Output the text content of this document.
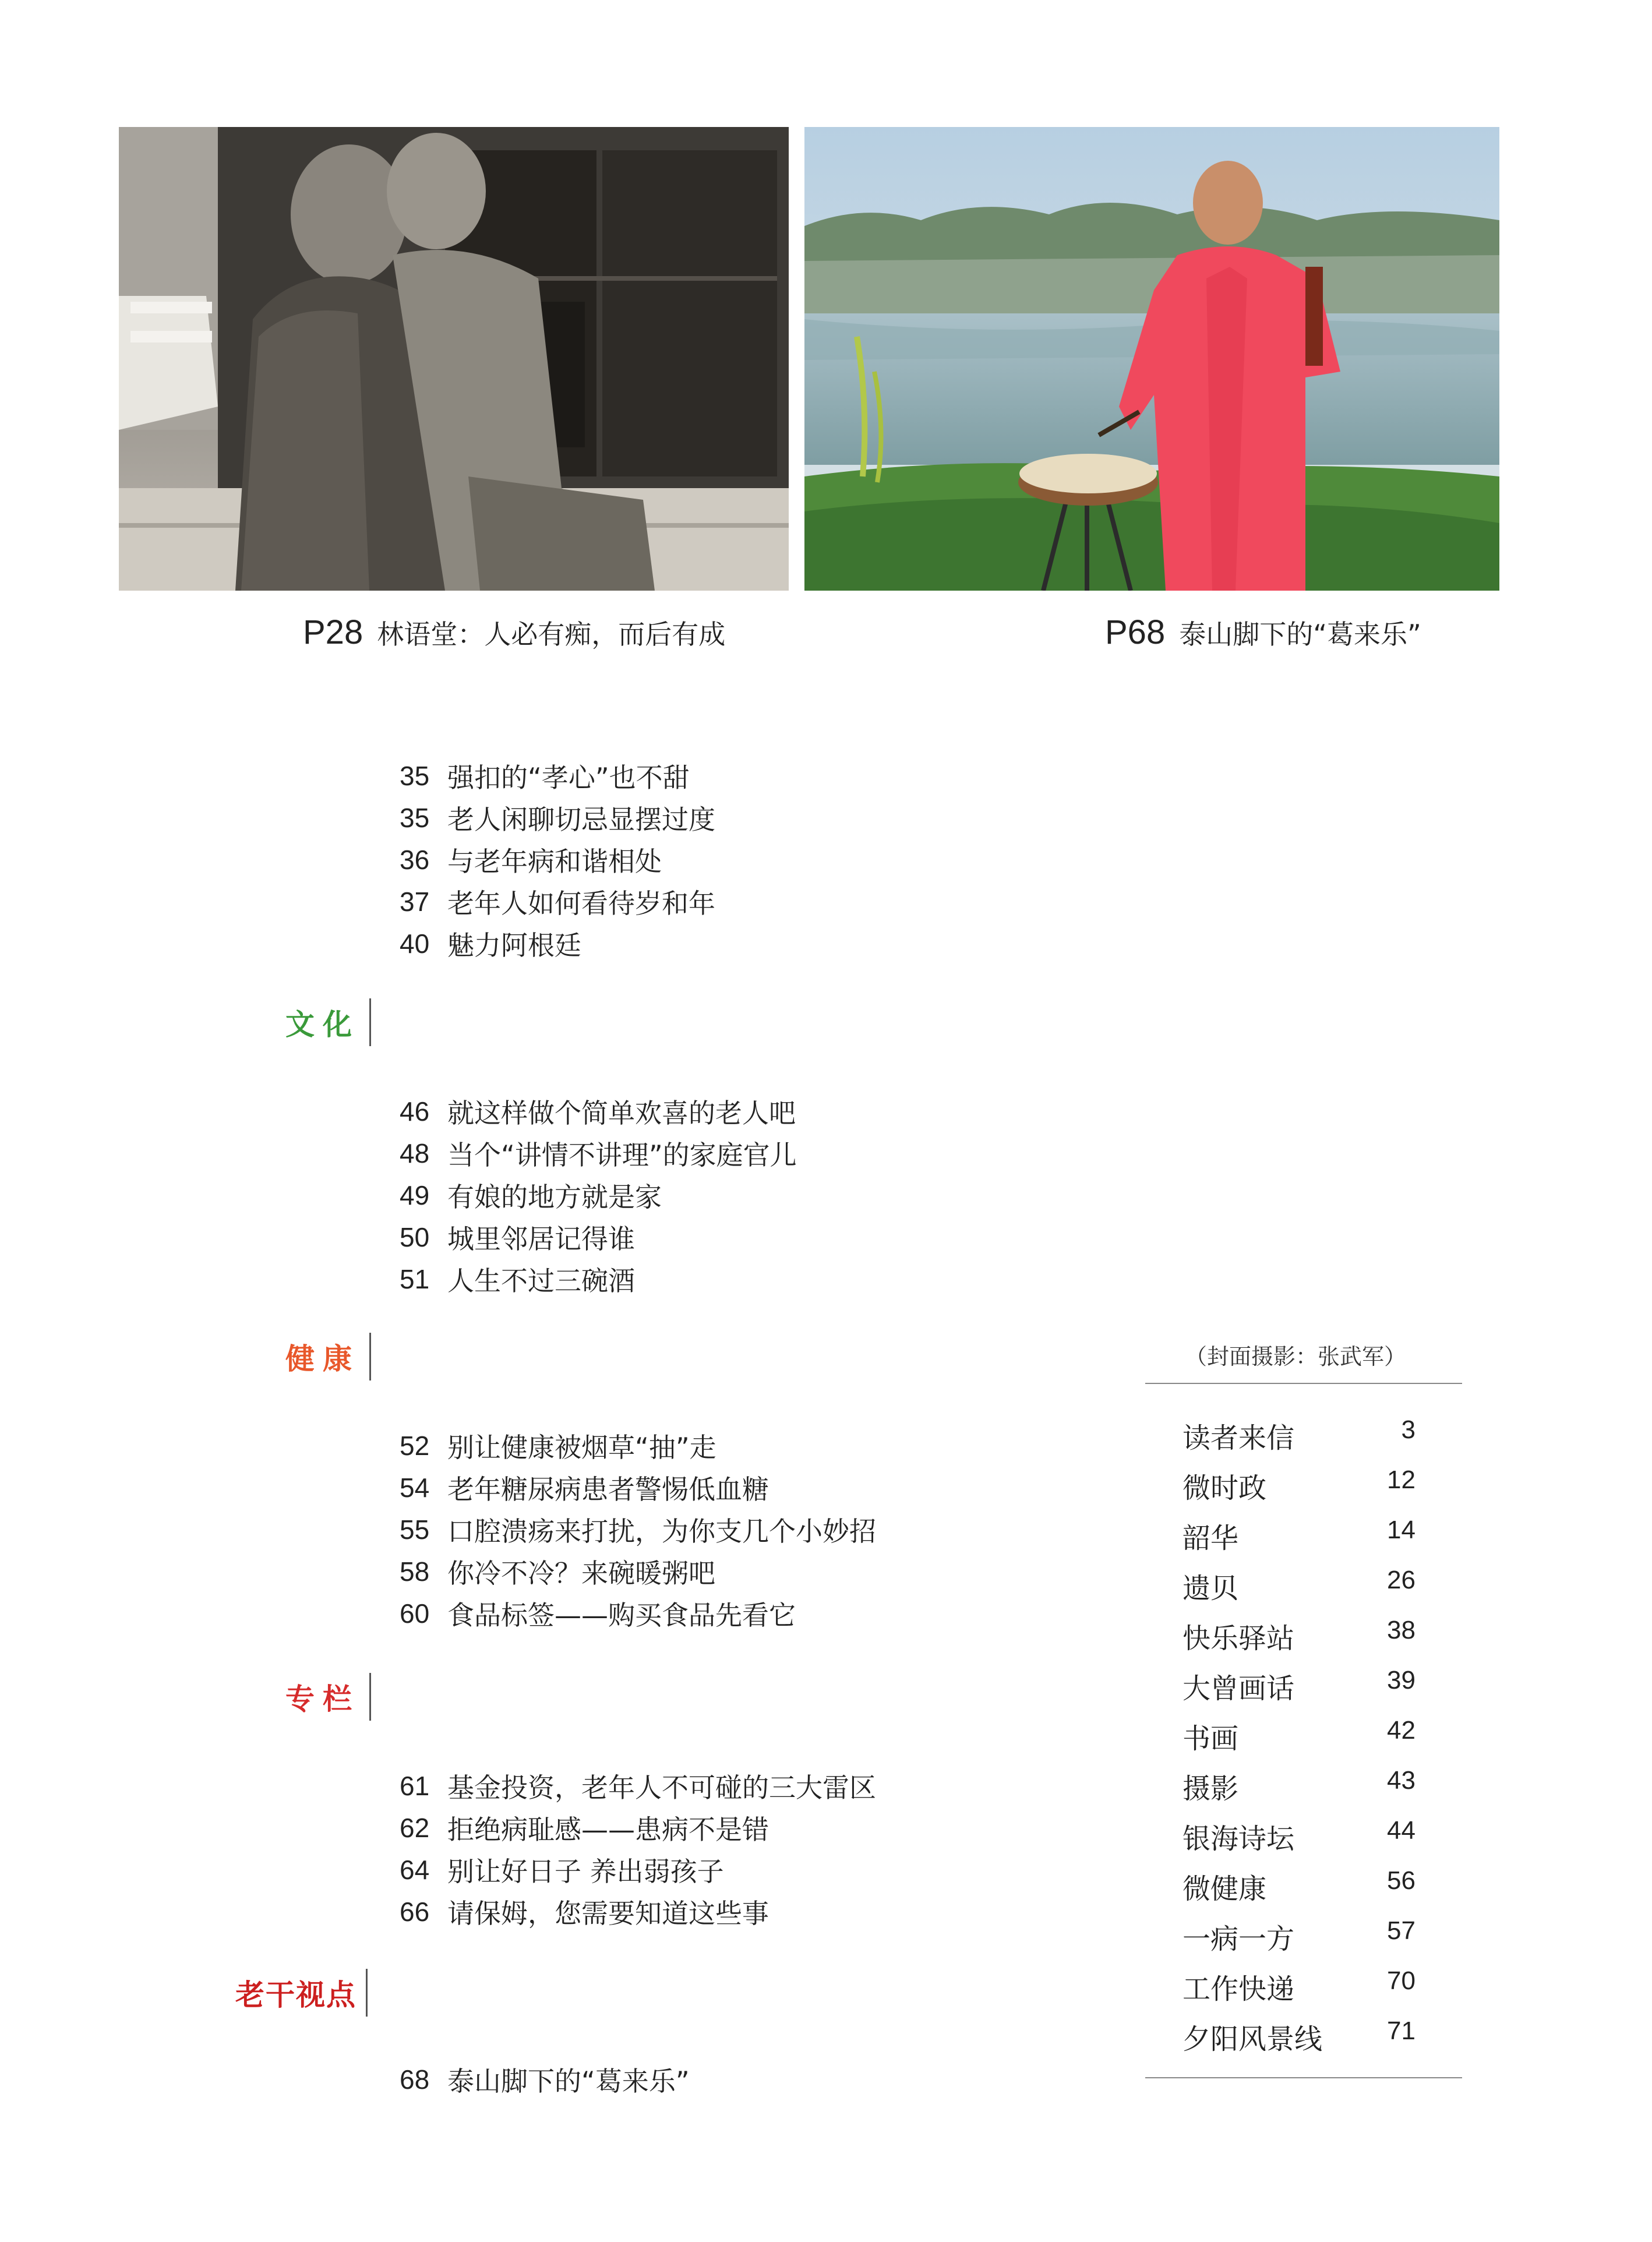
P28 林语堂：人必有痴，而后有成	P68 泰山脚下的“葛来乐”
35 强扣的“孝心”也不甜
35 老人闲聊切忌显摆过度
36 与老年病和谐相处
37 老年人如何看待岁和年
40 魅力阿根廷
文化
46 就这样做个简单欢喜的老人吧
48 当个“讲情不讲理”的家庭官儿
49 有娘的地方就是家
50 城里邻居记得谁
51 人生不过三碗酒
健康
52 别让健康被烟草“抽”走
54 老年糖尿病患者警惕低血糖
55 口腔溃疡来打扰，为你支几个小妙招
58 你冷不冷？来碗暖粥吧
60 食品标签——购买食品先看它
专栏
61 基金投资，老年人不可碰的三大雷区
62 拒绝病耻感——患病不是错
64 别让好日子 养出弱孩子
66 请保姆，您需要知道这些事
老干视点
68 泰山脚下的“葛来乐”
（封面摄影：张武军）
读者来信	3
微时政	12
韶华	14
遗贝	26
快乐驿站	38
大曾画话	39
书画	42
摄影	43
银海诗坛	44
微健康	56
一病一方	57
工作快递	70
夕阳风景线	71
